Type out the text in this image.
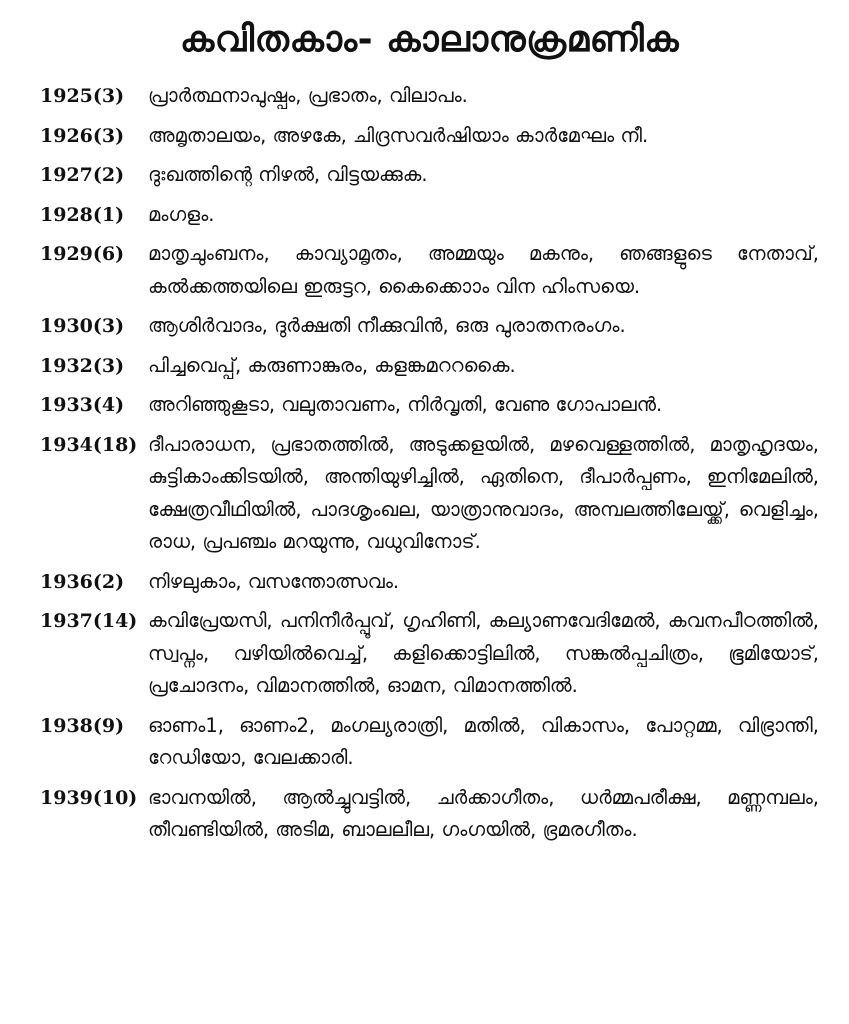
കവിതകാം- കാലാനുക്രമണിക
1925(3)	പ്രാർത്ഥനാപുഷ്പം, പ്രഭാതം, വിലാപം.
1926(3)	അമൃതാലയം, അഴകേ, ചിദ്രസവർഷിയാം കാർമേഘം നീ.
1927(2)	ദുഃഖത്തിന്റെ നിഴൽ, വിട്ടയക്കുക.
1928(1)	മംഗളം.
1929(6)	മാതൃചുംബനം, കാവ്യാമൃതം, അമ്മയും മകനും, ഞങ്ങളുടെ നേതാവ്, കൽക്കത്തയിലെ ഇരുട്ടറ, കൈക്കൊാം വിന ഹിംസയെ.
1930(3)	ആശിർവാദം, ദുർക്ഷതി നീക്കുവിൻ, ഒരു പുരാതനരംഗം.
1932(3)	പിച്ചവെപ്പ്, കരുണാങ്കുരം, കളങ്കമററകൈ.
1933(4)	അറിഞ്ഞുകൂടാ, വലുതാവണം, നിർവൃതി, വേണു ഗോപാലൻ.
1934(18) ദീപാരാധന, പ്രഭാതത്തിൽ, അടുക്കളയിൽ, മഴവെള്ളത്തിൽ, മാതൃഹൃദയം, കുട്ടികാംക്കിടയിൽ, അന്തിയുഴിച്ചിൽ, ഏതിനെ, ദീപാർപ്പണം, ഇനിമേലിൽ, ക്ഷേത്രവീഥിയിൽ, പാദശൃംഖല, യാത്രാനുവാദം, അമ്പലത്തിലേയ്ക്ക്, വെളിച്ചം, രാധ, പ്രപഞ്ചം മറയുന്നു, വധുവിനോട്.
1936(2)	നിഴലുകാം, വസന്തോത്സവം.
1937(14) കവിപ്രേയസി, പനിനീർപ്പൂവ്, ഗൃഹിണി, കല്യാണവേദിമേൽ, കവനപീഠത്തിൽ, സ്വപ്നം, വഴിയിൽവെച്ച്, കളിക്കൊട്ടിലിൽ, സങ്കൽപ്പചിത്രം, ഭൂമിയോട്, പ്രചോദനം, വിമാനത്തിൽ, ഓമന, വിമാനത്തിൽ.
1938(9)	ഓണം1, ഓണം2, മംഗല്യരാത്രി, മതിൽ, വികാസം, പോറ്റമ്മ, വിഭ്രാന്തി, റേഡിയോ, വേലക്കാരി.
1939(10) ഭാവനയിൽ, ആൽച്ചുവട്ടിൽ, ചർക്കാഗീതം, ധർമ്മപരീക്ഷ, മണ്ണമ്പലം, തീവണ്ടിയിൽ, അടിമ, ബാലലീല, ഗംഗയിൽ, ഭ്രമരഗീതം.
